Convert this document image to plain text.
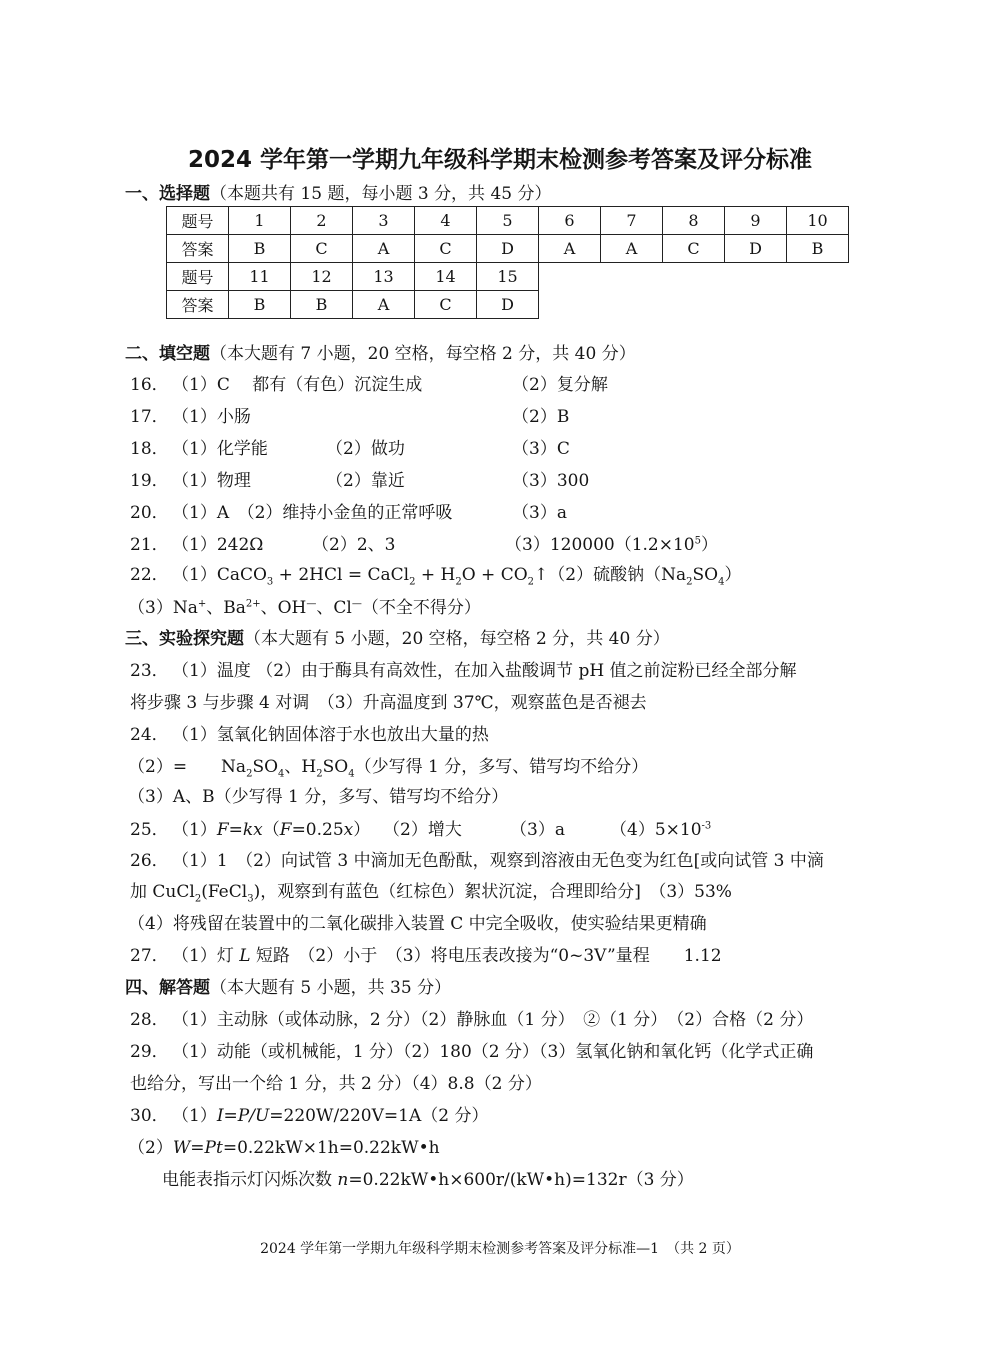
2024 学年第一学期九年级科学期末检测参考答案及评分标准
一、选择题（本题共有 15 题，每小题 3 分，共 45 分）
题号	1	2	3	4	5	6	7	8	9	10
答案	B	C	A	C	D	A	A	C	D	B
题号	11	12	13	14	15					
答案	B	B	A	C	D					
二、填空题（本大题有 7 小题，20 空格，每空格 2 分，共 40 分）
16． （1）C　 都有（有色）沉淀生成	（2）复分解
17． （1）小肠	（2）B
18． （1）化学能	（2）做功	（3）C
19． （1）物理	（2）靠近	（3）300
20． （1）A　（2）维持小金鱼的正常呼吸	（3）a
21． （1）242Ω	（2）2、3	$(3)120000(1.2\times 10^5)$
22． （1）CaCO$_3$ + 2HCl = CaCl$_2$ + $H_2O$ + $CO_2↑(2)$硫酸钠$(Na_2SO_4)$
（3）Na+、$Ba^{2+}$、OH—、Cl—（不全不得分）
三、实验探究题（本大题有 5 小题，20 空格，每空格 2 分，共 40 分）
23． （1）温度 （2）由于酶具有高效性，在加入盐酸调节 pH 值之前淀粉已经全部分解
将步骤 3 与步骤 4 对调　（3）升高温度到 37℃，观察蓝色是否褪去
24． （1）氢氧化钠固体溶于水也放出大量的热
（2）=　　$Na_2SO_4$、$H_2SO_4$（少写得 1 分，多写、错写均不给分）
（3）A、B（少写得 1 分，多写、错写均不给分）
25． （1）F=kx（F=0.25x） （2）增大	（3）a	$(4)5\times 10^{-3}$
26． （1）1　（2）向试管 3 中滴加无色酚酞，观察到溶液由无色变为红色[或向试管 3 中滴
加 CuCl$_2$(FeCl$_3$)，观察到有蓝色（红棕色）絮状沉淀，合理即给分]　（3）53%
（4）将残留在装置中的二氧化碳排入装置 C 中完全吸收，使实验结果更精确
27． （1）灯 L 短路　（2）小于　（3）将电压表改接为“0~3V”量程　　1.12
四、解答题（本大题有 5 小题，共 35 分）
28． （1）主动脉（或体动脉，2 分）（2）静脉血（1 分）　②（1 分）　（2）合格（2 分）
29． （1）动能（或机械能，1 分）（2）180（2 分）（3）氢氧化钠和氧化钙（化学式正确
也给分，写出一个给 1 分，共 2 分）（4）8.8（2 分）
30． （1）I=P/U=220W/220V=1A（2 分）
（2）W=Pt=0.22kW×1h=0.22kW•h
电能表指示灯闪烁次数 n=0.22kW•h×600r/(kW•h)=132r（3 分）
2024 学年第一学期九年级科学期末检测参考答案及评分标准—1　（共 2 页）
